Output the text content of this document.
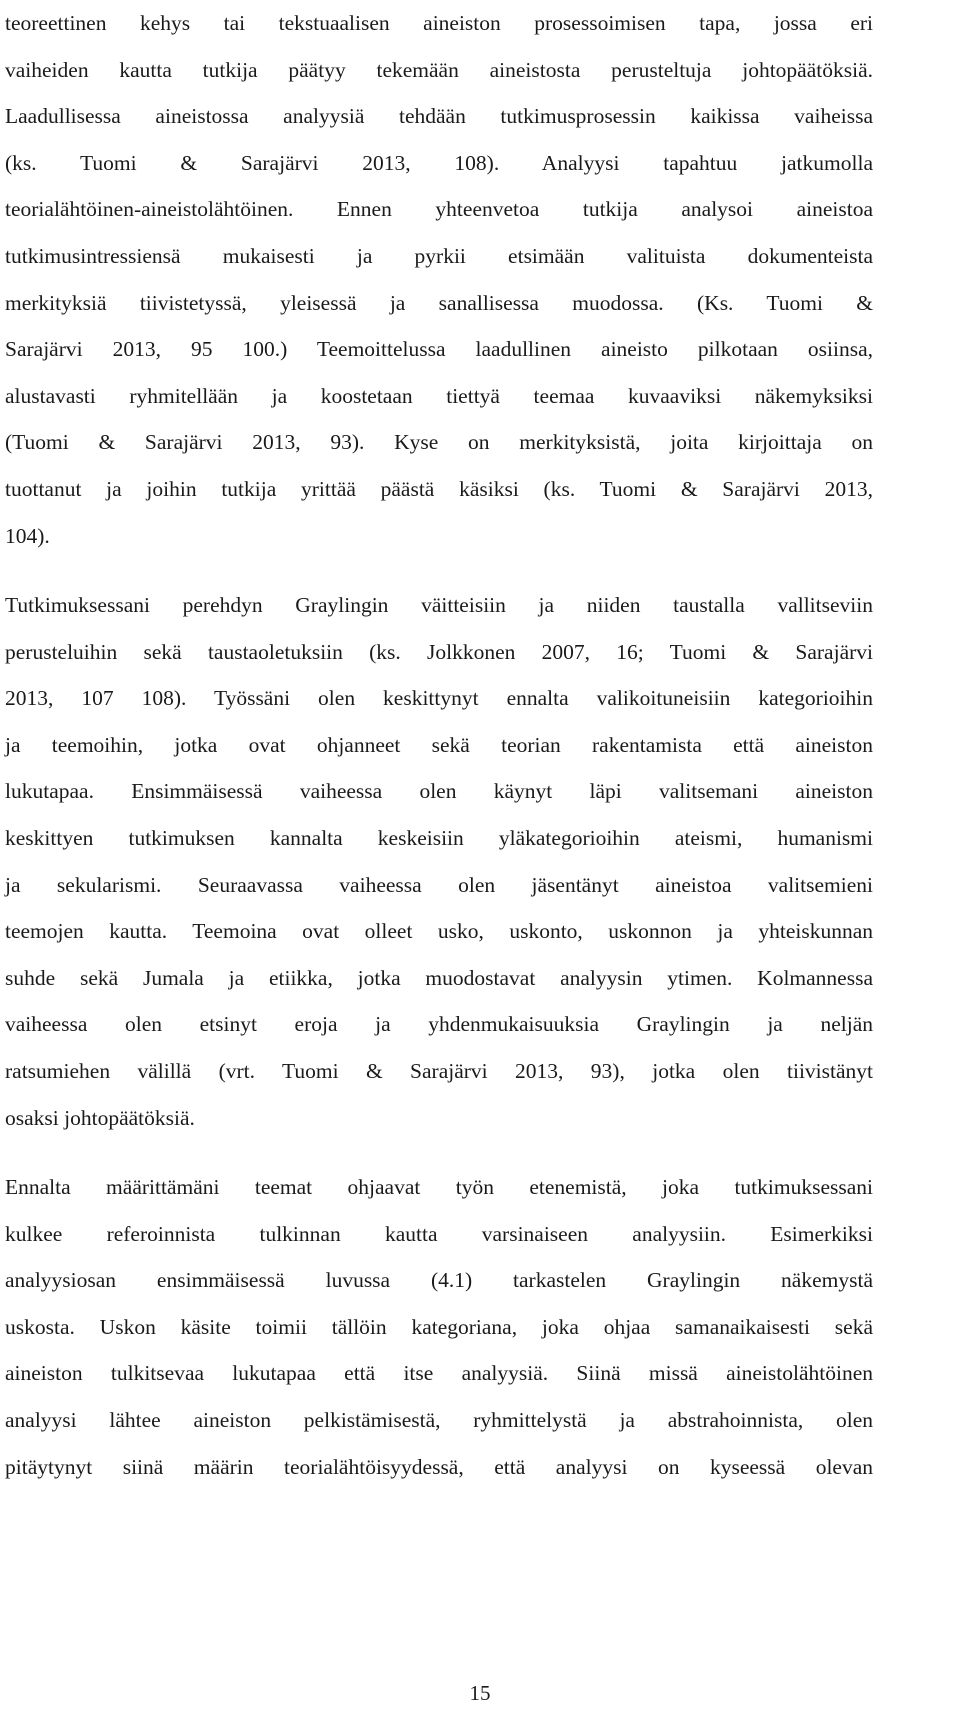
teoreettinen kehys tai tekstuaalisen aineiston prosessoimisen tapa, jossa eri
vaiheiden kautta tutkija päätyy tekemään aineistosta perusteltuja johtopäätöksiä.
Laadullisessa aineistossa analyysiä tehdään tutkimusprosessin kaikissa vaiheissa
(ks. Tuomi & Sarajärvi 2013, 108). Analyysi tapahtuu jatkumolla
teorialähtöinen-aineistolähtöinen. Ennen yhteenvetoa tutkija analysoi aineistoa
tutkimusintressiensä mukaisesti ja pyrkii etsimään valituista dokumenteista
merkityksiä tiivistetyssä, yleisessä ja sanallisessa muodossa. (Ks. Tuomi &
Sarajärvi 2013, 95 100.) Teemoittelussa laadullinen aineisto pilkotaan osiinsa,
alustavasti ryhmitellään ja koostetaan tiettyä teemaa kuvaaviksi näkemyksiksi
(Tuomi & Sarajärvi 2013, 93). Kyse on merkityksistä, joita kirjoittaja on
tuottanut ja joihin tutkija yrittää päästä käsiksi (ks. Tuomi & Sarajärvi 2013,
104).
Tutkimuksessani perehdyn Graylingin väitteisiin ja niiden taustalla vallitseviin
perusteluihin sekä taustaoletuksiin (ks. Jolkkonen 2007, 16; Tuomi & Sarajärvi
2013, 107 108). Työssäni olen keskittynyt ennalta valikoituneisiin kategorioihin
ja teemoihin, jotka ovat ohjanneet sekä teorian rakentamista että aineiston
lukutapaa. Ensimmäisessä vaiheessa olen käynyt läpi valitsemani aineiston
keskittyen tutkimuksen kannalta keskeisiin yläkategorioihin ateismi, humanismi
ja sekularismi. Seuraavassa vaiheessa olen jäsentänyt aineistoa valitsemieni
teemojen kautta. Teemoina ovat olleet usko, uskonto, uskonnon ja yhteiskunnan
suhde sekä Jumala ja etiikka, jotka muodostavat analyysin ytimen. Kolmannessa
vaiheessa olen etsinyt eroja ja yhdenmukaisuuksia Graylingin ja neljän
ratsumiehen välillä (vrt. Tuomi & Sarajärvi 2013, 93), jotka olen tiivistänyt
osaksi johtopäätöksiä.
Ennalta määrittämäni teemat ohjaavat työn etenemistä, joka tutkimuksessani
kulkee referoinnista tulkinnan kautta varsinaiseen analyysiin. Esimerkiksi
analyysiosan ensimmäisessä luvussa (4.1) tarkastelen Graylingin näkemystä
uskosta. Uskon käsite toimii tällöin kategoriana, joka ohjaa samanaikaisesti sekä
aineiston tulkitsevaa lukutapaa että itse analyysiä. Siinä missä aineistolähtöinen
analyysi lähtee aineiston pelkistämisestä, ryhmittelystä ja abstrahoinnista, olen
pitäytynyt siinä määrin teorialähtöisyydessä, että analyysi on kyseessä olevan
15
